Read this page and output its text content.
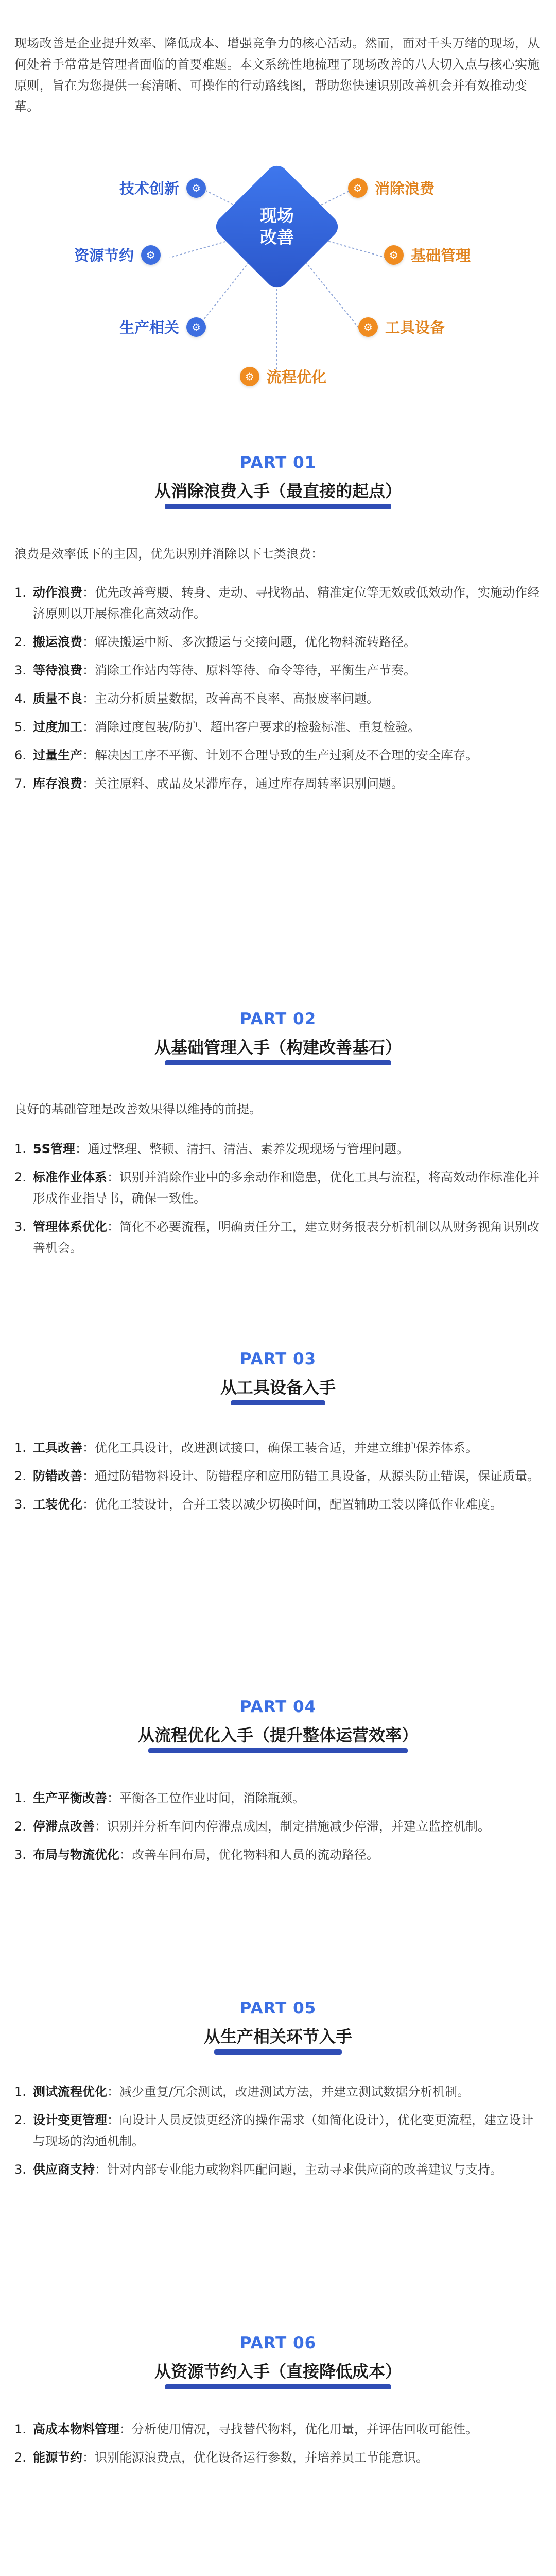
现场改善是企业提升效率、降低成本、增强竞争力的核心活动。然而，面对千头万绪的现场，从何处着手常常是管理者面临的首要难题。本文系统性地梳理了现场改善的八大切入点与核心实施原则，旨在为您提供一套清晰、可操作的行动路线图，帮助您快速识别改善机会并有效推动变革。

现场
改善
技术创新	⚙	⚙ 消除浪费
资源节约	⚙	⚙ 基础管理
生产相关	⚙	⚙ 工具设备
⚙ 流程优化
PART 01
从消除浪费入手（最直接的起点）

浪费是效率低下的主因，优先识别并消除以下七类浪费：

1. 动作浪费：优先改善弯腰、转身、走动、寻找物品、精准定位等无效或低效动作，实施动作经济原则以开展标准化高效动作。
2. 搬运浪费：解决搬运中断、多次搬运与交接问题，优化物料流转路径。
3. 等待浪费：消除工作站内等待、原料等待、命令等待，平衡生产节奏。
4. 质量不良：主动分析质量数据，改善高不良率、高报废率问题。
5. 过度加工：消除过度包装/防护、超出客户要求的检验标准、重复检验。
6. 过量生产：解决因工序不平衡、计划不合理导致的生产过剩及不合理的安全库存。
7. 库存浪费：关注原料、成品及呆滞库存，通过库存周转率识别问题。
PART 02
从基础管理入手（构建改善基石）

良好的基础管理是改善效果得以维持的前提。

1. 5S管理：通过整理、整顿、清扫、清洁、素养发现现场与管理问题。
2. 标准作业体系：识别并消除作业中的多余动作和隐患，优化工具与流程，将高效动作标准化并形成作业指导书，确保一致性。
3. 管理体系优化：简化不必要流程，明确责任分工，建立财务报表分析机制以从财务视角识别改善机会。
PART 03
从工具设备入手
1. 工具改善：优化工具设计，改进测试接口，确保工装合适，并建立维护保养体系。
2. 防错改善：通过防错物料设计、防错程序和应用防错工具设备，从源头防止错误，保证质量。
3. 工装优化：优化工装设计，合并工装以减少切换时间，配置辅助工装以降低作业难度。
PART 04
从流程优化入手（提升整体运营效率）
1. 生产平衡改善：平衡各工位作业时间，消除瓶颈。
2. 停滞点改善：识别并分析车间内停滞点成因，制定措施减少停滞，并建立监控机制。
3. 布局与物流优化：改善车间布局，优化物料和人员的流动路径。
PART 05
从生产相关环节入手
1. 测试流程优化：减少重复/冗余测试，改进测试方法，并建立测试数据分析机制。
2. 设计变更管理：向设计人员反馈更经济的操作需求（如简化设计），优化变更流程，建立设计与现场的沟通机制。
3. 供应商支持：针对内部专业能力或物料匹配问题，主动寻求供应商的改善建议与支持。
PART 06
从资源节约入手（直接降低成本）
1. 高成本物料管理：分析使用情况，寻找替代物料，优化用量，并评估回收可能性。
2. 能源节约：识别能源浪费点，优化设备运行参数，并培养员工节能意识。
